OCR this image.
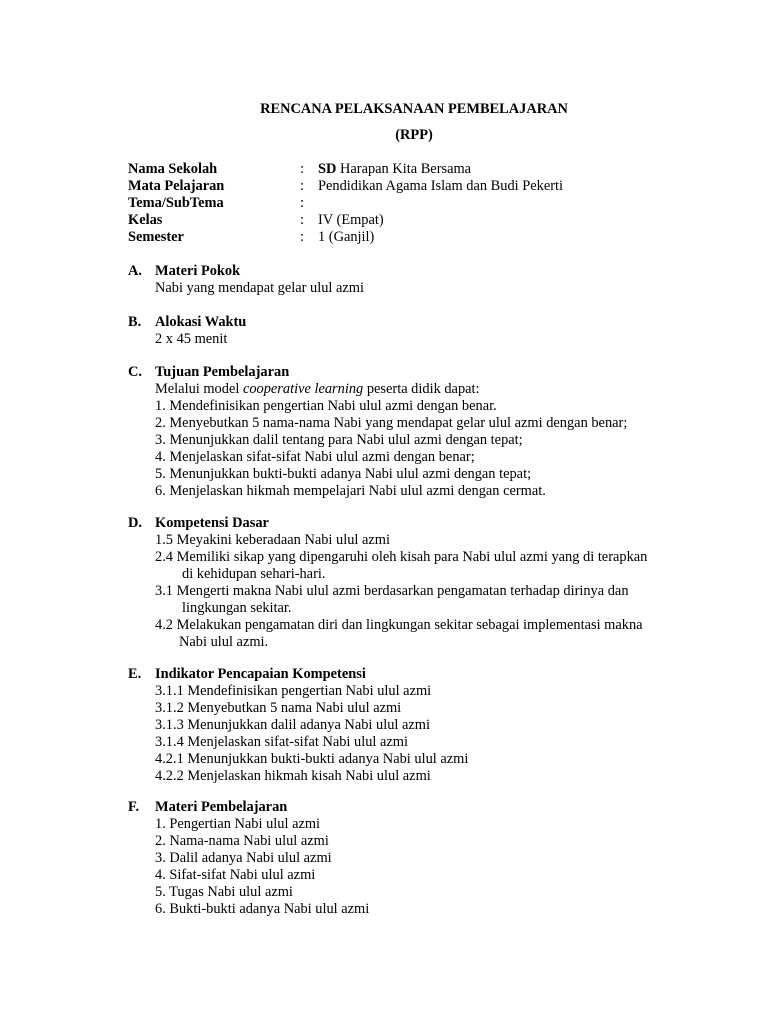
RENCANA PELAKSANAAN PEMBELAJARAN
(RPP)
Nama Sekolah	: SD Harapan Kita Bersama
Mata Pelajaran	: Pendidikan Agama Islam dan Budi Pekerti
Tema/SubTema	:
Kelas	: IV (Empat)
Semester	: 1 (Ganjil)
A. Materi Pokok
Nabi yang mendapat gelar ulul azmi
B. Alokasi Waktu
2 x 45 menit
C. Tujuan Pembelajaran
Melalui model cooperative learning peserta didik dapat:
1. Mendefinisikan pengertian Nabi ulul azmi dengan benar.
2. Menyebutkan 5 nama-nama Nabi yang mendapat gelar ulul azmi dengan benar;
3. Menunjukkan dalil tentang para Nabi ulul azmi dengan tepat;
4. Menjelaskan sifat-sifat Nabi ulul azmi dengan benar;
5. Menunjukkan bukti-bukti adanya Nabi ulul azmi dengan tepat;
6. Menjelaskan hikmah mempelajari Nabi ulul azmi dengan cermat.
D. Kompetensi Dasar
1.5 Meyakini keberadaan Nabi ulul azmi
2.4 Memiliki sikap yang dipengaruhi oleh kisah para Nabi ulul azmi yang di terapkan
di kehidupan sehari-hari.
3.1 Mengerti makna Nabi ulul azmi berdasarkan pengamatan terhadap dirinya dan
lingkungan sekitar.
4.2 Melakukan pengamatan diri dan lingkungan sekitar sebagai implementasi makna
Nabi ulul azmi.
E. Indikator Pencapaian Kompetensi
3.1.1 Mendefinisikan pengertian Nabi ulul azmi
3.1.2 Menyebutkan 5 nama Nabi ulul azmi
3.1.3 Menunjukkan dalil adanya Nabi ulul azmi
3.1.4 Menjelaskan sifat-sifat Nabi ulul azmi
4.2.1 Menunjukkan bukti-bukti adanya Nabi ulul azmi
4.2.2 Menjelaskan hikmah kisah Nabi ulul azmi
F. Materi Pembelajaran
1. Pengertian Nabi ulul azmi
2. Nama-nama Nabi ulul azmi
3. Dalil adanya Nabi ulul azmi
4. Sifat-sifat Nabi ulul azmi
5. Tugas Nabi ulul azmi
6. Bukti-bukti adanya Nabi ulul azmi
